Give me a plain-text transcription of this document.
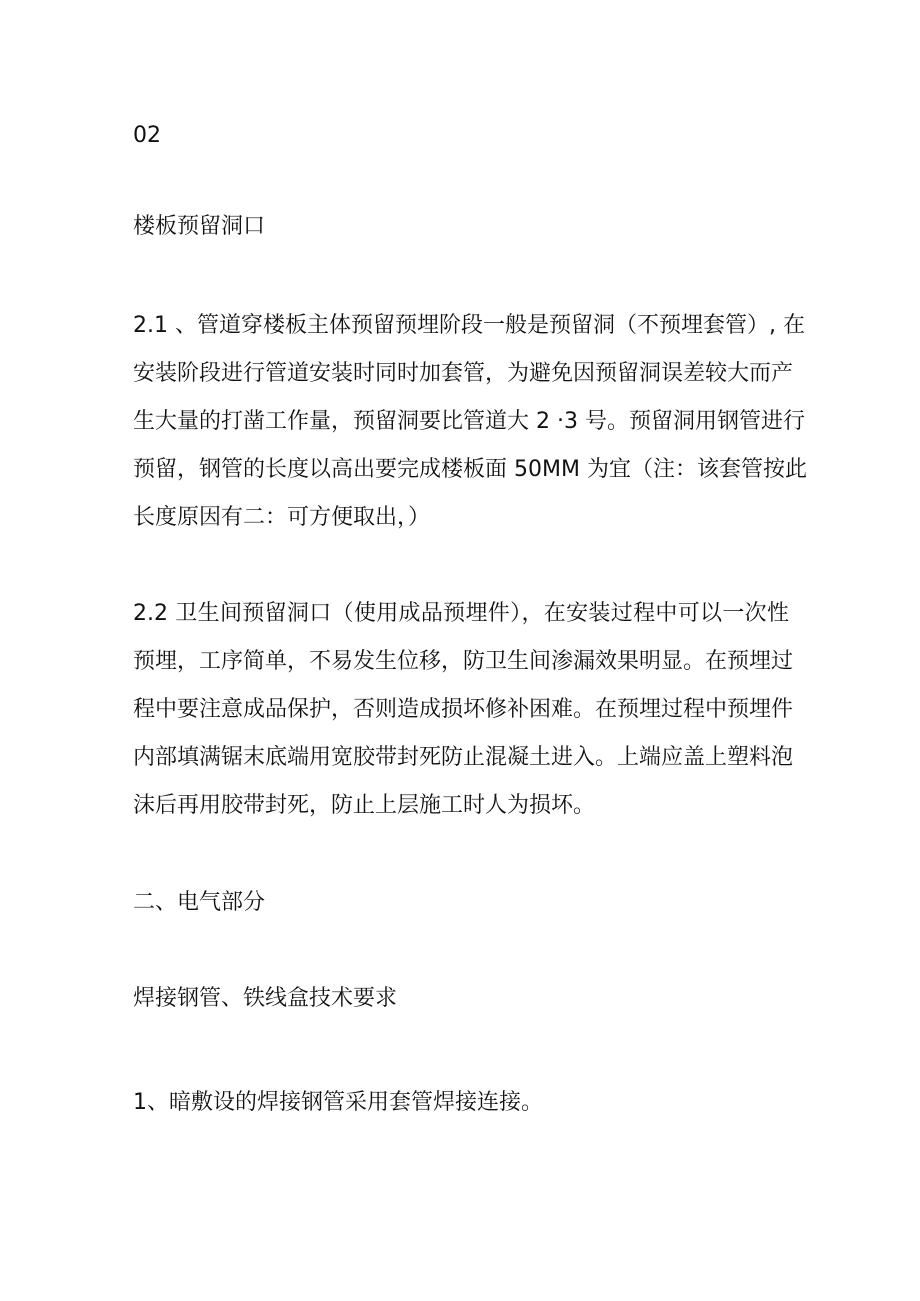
02

楼板预留洞口

2.1 、管道穿楼板主体预留预埋阶段一般是预留洞（不预埋套管）, 在
安装阶段进行管道安装时同时加套管，为避免因预留洞误差较大而产
生大量的打凿工作量，预留洞要比管道大 2 ‧3 号。预留洞用钢管进行
预留，钢管的长度以高出要完成楼板面 50MM 为宜（注：该套管按此
长度原因有二：可方便取出，）
2.2 卫生间预留洞口（使用成品预埋件），在安装过程中可以一次性
预埋，工序简单，不易发生位移，防卫生间渗漏效果明显。在预埋过
程中要注意成品保护，否则造成损坏修补困难。在预埋过程中预埋件
内部填满锯末底端用宽胶带封死防止混凝土进入。上端应盖上塑料泡
沫后再用胶带封死，防止上层施工时人为损坏。

二、电气部分

焊接钢管、铁线盒技术要求

1、暗敷设的焊接钢管采用套管焊接连接。
